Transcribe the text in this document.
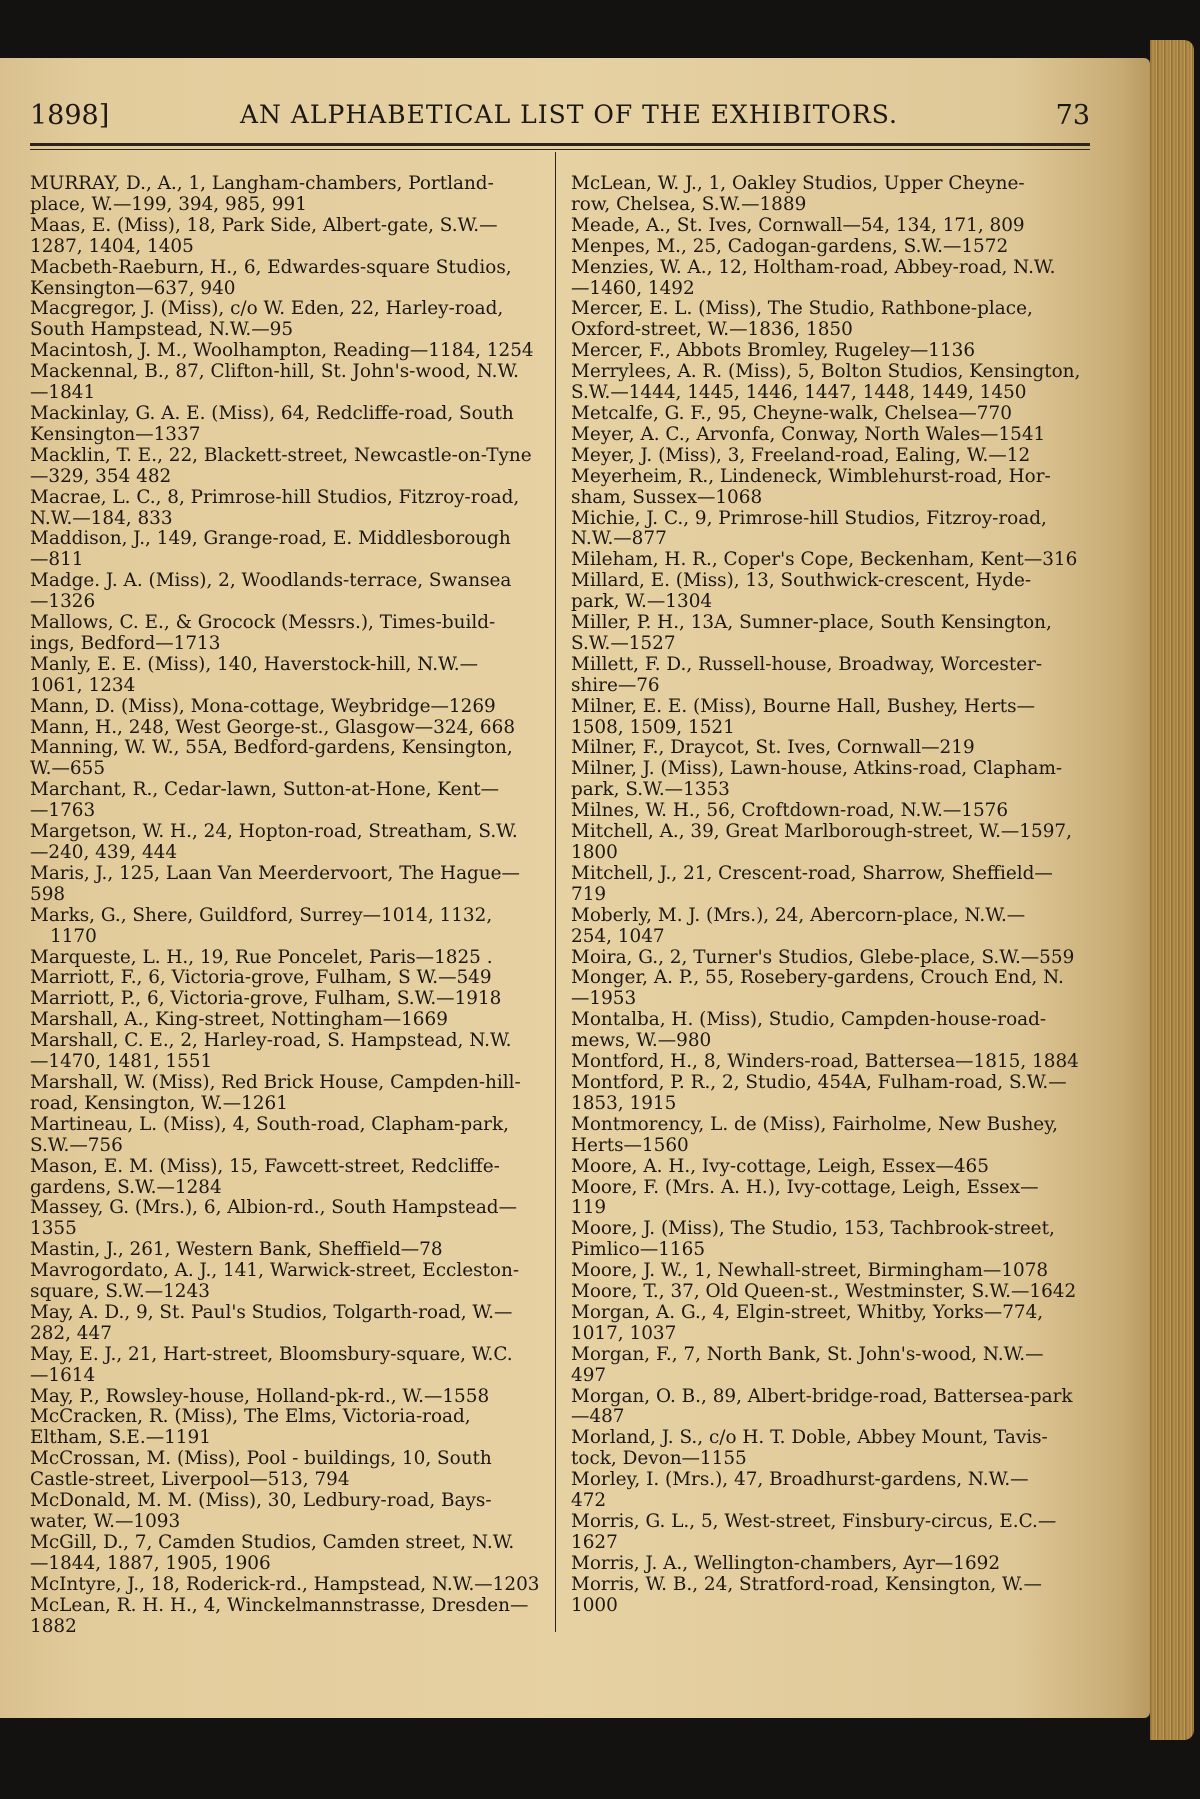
1898]	AN ALPHABETICAL LIST OF THE EXHIBITORS.	73
MURRAY, D., A., 1, Langham-chambers, Portland-
place, W.—199, 394, 985, 991
Maas, E. (Miss), 18, Park Side, Albert-gate, S.W.—
1287, 1404, 1405
Macbeth-Raeburn, H., 6, Edwardes-square Studios,
Kensington—637, 940
Macgregor, J. (Miss), c/o W. Eden, 22, Harley-road,
South Hampstead, N.W.—95
Macintosh, J. M., Woolhampton, Reading—1184, 1254
Mackennal, B., 87, Clifton-hill, St. John's-wood, N.W.
—1841
Mackinlay, G. A. E. (Miss), 64, Redcliffe-road, South
Kensington—1337
Macklin, T. E., 22, Blackett-street, Newcastle-on-Tyne
—329, 354 482
Macrae, L. C., 8, Primrose-hill Studios, Fitzroy-road,
N.W.—184, 833
Maddison, J., 149, Grange-road, E. Middlesborough
—811
Madge. J. A. (Miss), 2, Woodlands-terrace, Swansea
—1326
Mallows, C. E., & Grocock (Messrs.), Times-build-
ings, Bedford—1713
Manly, E. E. (Miss), 140, Haverstock-hill, N.W.—
1061, 1234
Mann, D. (Miss), Mona-cottage, Weybridge—1269
Mann, H., 248, West George-st., Glasgow—324, 668
Manning, W. W., 55A, Bedford-gardens, Kensington,
W.—655
Marchant, R., Cedar-lawn, Sutton-at-Hone, Kent—
—1763
Margetson, W. H., 24, Hopton-road, Streatham, S.W.
—240, 439, 444
Maris, J., 125, Laan Van Meerdervoort, The Hague—
598
Marks, G., Shere, Guildford, Surrey—1014, 1132, 1170
Marqueste, L. H., 19, Rue Poncelet, Paris—1825 .
Marriott, F., 6, Victoria-grove, Fulham, S W.—549
Marriott, P., 6, Victoria-grove, Fulham, S.W.—1918
Marshall, A., King-street, Nottingham—1669
Marshall, C. E., 2, Harley-road, S. Hampstead, N.W.
—1470, 1481, 1551
Marshall, W. (Miss), Red Brick House, Campden-hill-
road, Kensington, W.—1261
Martineau, L. (Miss), 4, South-road, Clapham-park,
S.W.—756
Mason, E. M. (Miss), 15, Fawcett-street, Redcliffe-
gardens, S.W.—1284
Massey, G. (Mrs.), 6, Albion-rd., South Hampstead—
1355
Mastin, J., 261, Western Bank, Sheffield—78
Mavrogordato, A. J., 141, Warwick-street, Eccleston-
square, S.W.—1243
May, A. D., 9, St. Paul's Studios, Tolgarth-road, W.—
282, 447
May, E. J., 21, Hart-street, Bloomsbury-square, W.C.
—1614
May, P., Rowsley-house, Holland-pk-rd., W.—1558
McCracken, R. (Miss), The Elms, Victoria-road,
Eltham, S.E.—1191
McCrossan, M. (Miss), Pool - buildings, 10, South
Castle-street, Liverpool—513, 794
McDonald, M. M. (Miss), 30, Ledbury-road, Bays-
water, W.—1093
McGill, D., 7, Camden Studios, Camden street, N.W.
—1844, 1887, 1905, 1906
McIntyre, J., 18, Roderick-rd., Hampstead, N.W.—1203
McLean, R. H. H., 4, Winckelmannstrasse, Dresden—
1882
McLean, W. J., 1, Oakley Studios, Upper Cheyne-
row, Chelsea, S.W.—1889
Meade, A., St. Ives, Cornwall—54, 134, 171, 809
Menpes, M., 25, Cadogan-gardens, S.W.—1572
Menzies, W. A., 12, Holtham-road, Abbey-road, N.W.
—1460, 1492
Mercer, E. L. (Miss), The Studio, Rathbone-place,
Oxford-street, W.—1836, 1850
Mercer, F., Abbots Bromley, Rugeley—1136
Merrylees, A. R. (Miss), 5, Bolton Studios, Kensington,
S.W.—1444, 1445, 1446, 1447, 1448, 1449, 1450
Metcalfe, G. F., 95, Cheyne-walk, Chelsea—770
Meyer, A. C., Arvonfa, Conway, North Wales—1541
Meyer, J. (Miss), 3, Freeland-road, Ealing, W.—12
Meyerheim, R., Lindeneck, Wimblehurst-road, Hor-
sham, Sussex—1068
Michie, J. C., 9, Primrose-hill Studios, Fitzroy-road,
N.W.—877
Mileham, H. R., Coper's Cope, Beckenham, Kent—316
Millard, E. (Miss), 13, Southwick-crescent, Hyde-
park, W.—1304
Miller, P. H., 13A, Sumner-place, South Kensington,
S.W.—1527
Millett, F. D., Russell-house, Broadway, Worcester-
shire—76
Milner, E. E. (Miss), Bourne Hall, Bushey, Herts—
1508, 1509, 1521
Milner, F., Draycot, St. Ives, Cornwall—219
Milner, J. (Miss), Lawn-house, Atkins-road, Clapham-
park, S.W.—1353
Milnes, W. H., 56, Croftdown-road, N.W.—1576
Mitchell, A., 39, Great Marlborough-street, W.—1597,
1800
Mitchell, J., 21, Crescent-road, Sharrow, Sheffield—
719
Moberly, M. J. (Mrs.), 24, Abercorn-place, N.W.—
254, 1047
Moira, G., 2, Turner's Studios, Glebe-place, S.W.—559
Monger, A. P., 55, Rosebery-gardens, Crouch End, N.
—1953
Montalba, H. (Miss), Studio, Campden-house-road-
mews, W.—980
Montford, H., 8, Winders-road, Battersea—1815, 1884
Montford, P. R., 2, Studio, 454A, Fulham-road, S.W.—
1853, 1915
Montmorency, L. de (Miss), Fairholme, New Bushey,
Herts—1560
Moore, A. H., Ivy-cottage, Leigh, Essex—465
Moore, F. (Mrs. A. H.), Ivy-cottage, Leigh, Essex—
119
Moore, J. (Miss), The Studio, 153, Tachbrook-street,
Pimlico—1165
Moore, J. W., 1, Newhall-street, Birmingham—1078
Moore, T., 37, Old Queen-st., Westminster, S.W.—1642
Morgan, A. G., 4, Elgin-street, Whitby, Yorks—774,
1017, 1037
Morgan, F., 7, North Bank, St. John's-wood, N.W.—
497
Morgan, O. B., 89, Albert-bridge-road, Battersea-park
—487
Morland, J. S., c/o H. T. Doble, Abbey Mount, Tavis-
tock, Devon—1155
Morley, I. (Mrs.), 47, Broadhurst-gardens, N.W.—
472
Morris, G. L., 5, West-street, Finsbury-circus, E.C.—
1627
Morris, J. A., Wellington-chambers, Ayr—1692
Morris, W. B., 24, Stratford-road, Kensington, W.—
1000
